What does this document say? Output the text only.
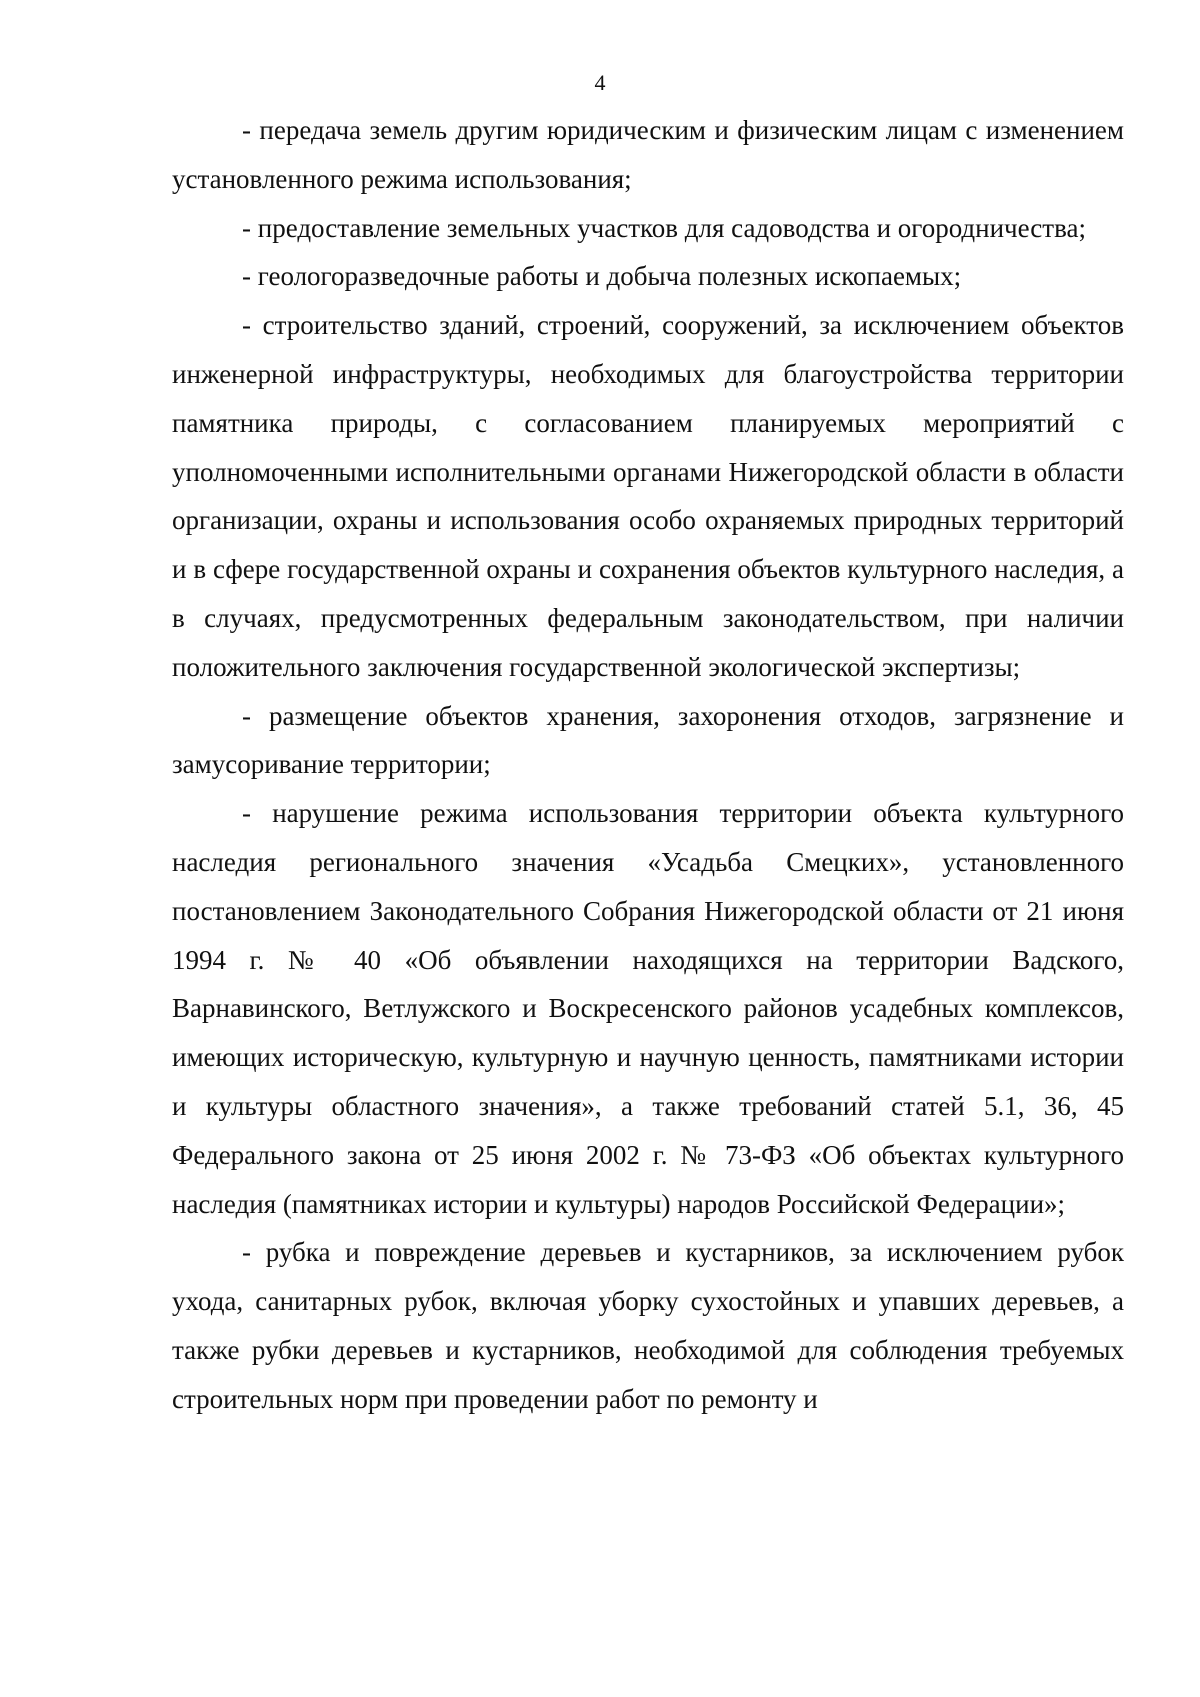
4

- передача земель другим юридическим и физическим лицам с изменением установленного режима использования;

- предоставление земельных участков для садоводства и огородничества;

- геологоразведочные работы и добыча полезных ископаемых;

- строительство зданий, строений, сооружений, за исключением объектов инженерной инфраструктуры, необходимых для благоустройства территории памятника природы, с согласованием планируемых мероприятий с уполномоченными исполнительными органами Нижегородской области в области организации, охраны и использования особо охраняемых природных территорий и в сфере государственной охраны и сохранения объектов культурного наследия, а в случаях, предусмотренных федеральным законодательством, при наличии положительного заключения государственной экологической экспертизы;

- размещение объектов хранения, захоронения отходов, загрязнение и замусоривание территории;

- нарушение режима использования территории объекта культурного наследия регионального значения «Усадьба Смецких», установленного постановлением Законодательного Собрания Нижегородской области от 21 июня 1994 г. № 40 «Об объявлении находящихся на территории Вадского, Варнавинского, Ветлужского и Воскресенского районов усадебных комплексов, имеющих историческую, культурную и научную ценность, памятниками истории и культуры областного значения», а также требований статей 5.1, 36, 45 Федерального закона от 25 июня 2002 г. № 73-ФЗ «Об объектах культурного наследия (памятниках истории и культуры) народов Российской Федерации»;

- рубка и повреждение деревьев и кустарников, за исключением рубок ухода, санитарных рубок, включая уборку сухостойных и упавших деревьев, а также рубки деревьев и кустарников, необходимой для соблюдения требуемых строительных норм при проведении работ по ремонту и
